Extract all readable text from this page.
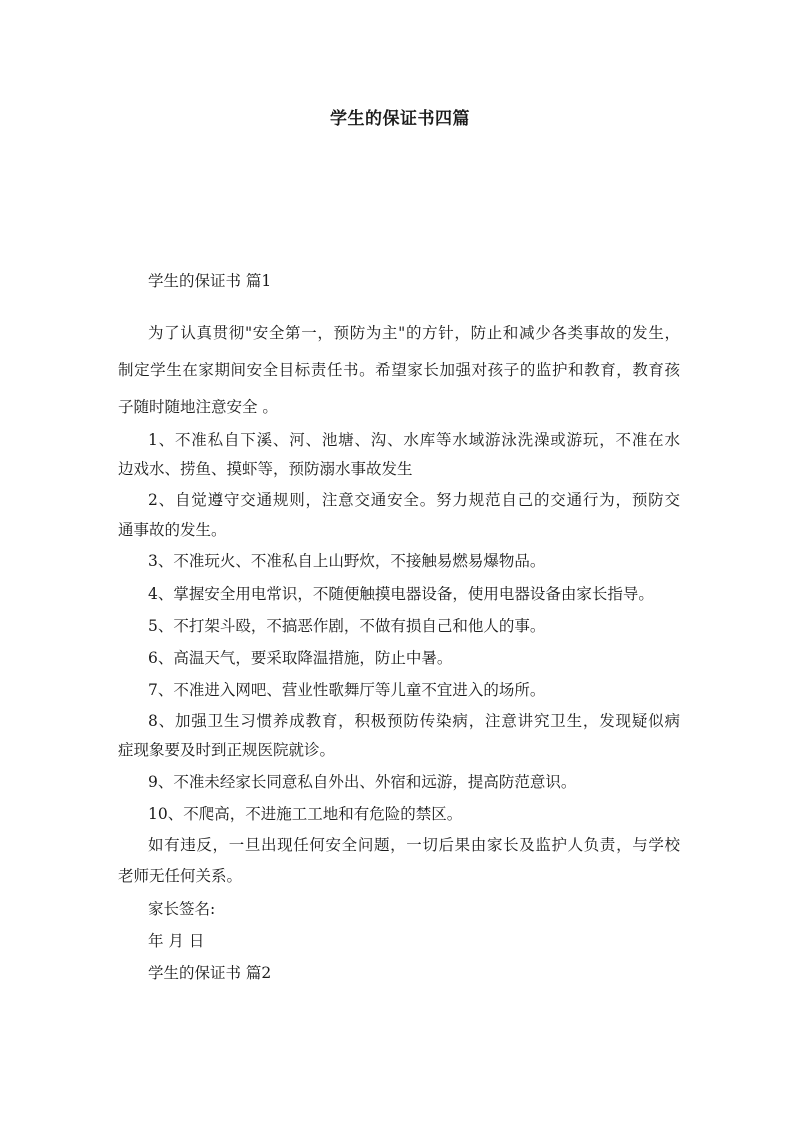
学生的保证书四篇

学生的保证书 篇1

为了认真贯彻"安全第一，预防为主"的方针，防止和减少各类事故的发生，

制定学生在家期间安全目标责任书。希望家长加强对孩子的监护和教育，教育孩

子随时随地注意安全 。

1、不准私自下溪、河、池塘、沟、水库等水域游泳洗澡或游玩，不准在水

边戏水、捞鱼、摸虾等，预防溺水事故发生

2、自觉遵守交通规则，注意交通安全。努力规范自己的交通行为，预防交

通事故的发生。

3、不准玩火、不准私自上山野炊，不接触易燃易爆物品。

4、掌握安全用电常识，不随便触摸电器设备，使用电器设备由家长指导。

5、不打架斗殴，不搞恶作剧，不做有损自己和他人的事。

6、高温天气，要采取降温措施，防止中暑。

7、不准进入网吧、营业性歌舞厅等儿童不宜进入的场所。

8、加强卫生习惯养成教育，积极预防传染病，注意讲究卫生，发现疑似病

症现象要及时到正规医院就诊。

9、不准未经家长同意私自外出、外宿和远游，提高防范意识。

10、不爬高，不进施工工地和有危险的禁区。

如有违反，一旦出现任何安全问题，一切后果由家长及监护人负责，与学校

老师无任何关系。

家长签名:

年 月 日

学生的保证书 篇2
